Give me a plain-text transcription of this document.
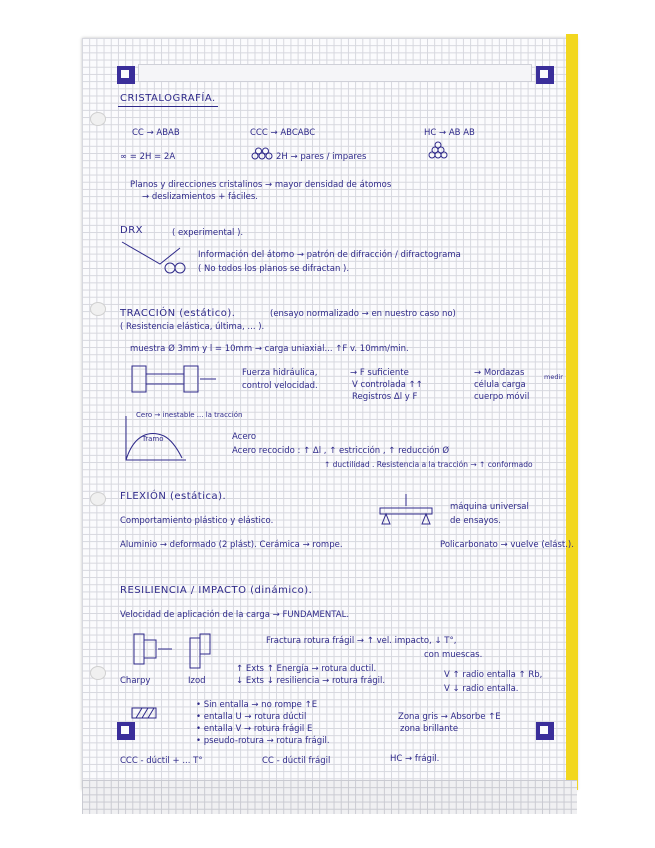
CRISTALOGRAFÍA.
CC → ABAB	CCC → ABCABC	HC → AB AB
∞ = 2H = 2A	2H → pares / impares
Planos y direcciones cristalinos → mayor densidad de átomos
→ deslizamientos + fáciles.
DRX	( experimental ).
Información del átomo → patrón de difracción / difractograma
( No todos los planos se difractan ).
TRACCIÓN (estático).	(ensayo normalizado → en nuestro caso no)
( Resistencia elástica, última, ... ).
muestra Ø 3mm y l = 10mm → carga uniaxial... ↑F v. 10mm/min.
Fuerza hidráulica,
control velocidad.
→ F suficiente
V controlada ↑↑
Registros Δl y F
→ Mordazas
célula carga
cuerpo móvil
medir
Cero → inestable ... la tracción
Tramo	Acero
Acero recocido : ↑ Δl , ↑ estricción , ↑ reducción Ø
↑ ductilidad . Resistencia a la tracción → ↑ conformado
FLEXIÓN (estática).
máquina universal
de ensayos.
Comportamiento plástico y elástico.
Aluminio → deformado (2 plást). Cerámica → rompe.	Policarbonato → vuelve (elást.).
RESILIENCIA / IMPACTO (dinámico).
Velocidad de aplicación de la carga → FUNDAMENTAL.
Fractura rotura frágil → ↑ vel. impacto, ↓ T°,
con muescas.
↑ Exts ↑ Energía → rotura ductil.
↓ Exts ↓ resiliencia → rotura frágil.
V ↑ radio entalla ↑ Rb,
V ↓ radio entalla.
Charpy	Izod
• Sin entalla → no rompe ↑E
• entalla U → rotura dúctil
• entalla V → rotura frágil E
• pseudo-rotura → rotura frágil.
Zona gris → Absorbe ↑E
zona brillante
CCC - dúctil + ... T°	CC - dúctil frágil	HC → frágil.
